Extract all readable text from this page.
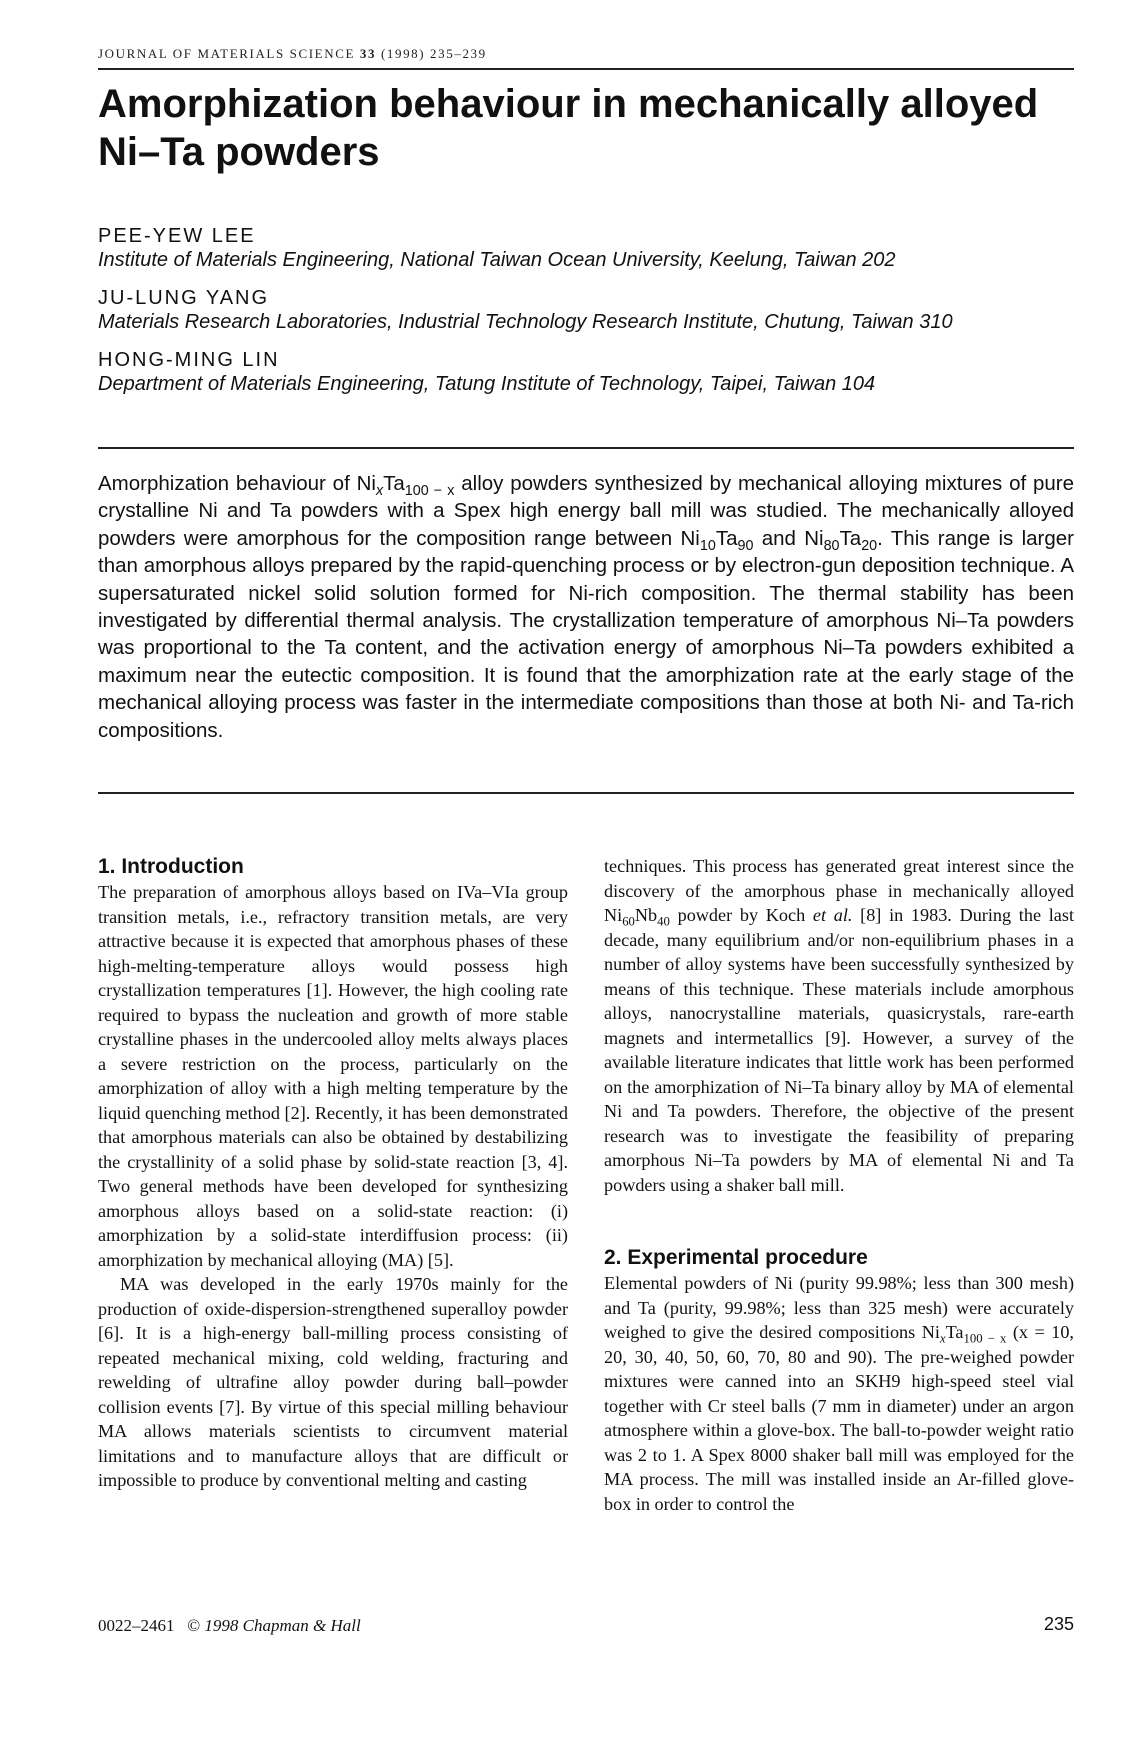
JOURNAL OF MATERIALS SCIENCE 33 (1998) 235–239
Amorphization behaviour in mechanically alloyed
Ni–Ta powders

PEE-YEW LEE

Institute of Materials Engineering, National Taiwan Ocean University, Keelung, Taiwan 202

JU-LUNG YANG

Materials Research Laboratories, Industrial Technology Research Institute, Chutung, Taiwan 310

HONG-MING LIN

Department of Materials Engineering, Tatung Institute of Technology, Taipei, Taiwan 104

Amorphization behaviour of $Ni_xTa_{100 - x}$ alloy powders synthesized by mechanical alloying mixtures of pure crystalline Ni and Ta powders with a Spex high energy ball mill was studied. The mechanically alloyed powders were amorphous for the composition range between $Ni_{10}Ta_{90}$ and $Ni_{80}Ta_{20}$. This range is larger than amorphous alloys prepared by the rapid-quenching process or by electron-gun deposition technique. A supersaturated nickel solid solution formed for Ni-rich composition. The thermal stability has been investigated by differential thermal analysis. The crystallization temperature of amorphous Ni–Ta powders was proportional to the Ta content, and the activation energy of amorphous Ni–Ta powders exhibited a maximum near the eutectic composition. It is found that the amorphization rate at the early stage of the mechanical alloying process was faster in the intermediate compositions than those at both Ni- and Ta-rich compositions.

1. Introduction

The preparation of amorphous alloys based on IVa–VIa group transition metals, i.e., refractory transition metals, are very attractive because it is expected that amorphous phases of these high-melting-temperature alloys would possess high crystallization temperatures [1]. However, the high cooling rate required to bypass the nucleation and growth of more stable crystalline phases in the undercooled alloy melts always places a severe restriction on the process, particularly on the amorphization of alloy with a high melting temperature by the liquid quenching method [2]. Recently, it has been demonstrated that amorphous materials can also be obtained by destabilizing the crystallinity of a solid phase by solid-state reaction [3, 4]. Two general methods have been developed for synthesizing amorphous alloys based on a solid-state reaction: (i) amorphization by a solid-state interdiffusion process: (ii) amorphization by mechanical alloying (MA) [5].

MA was developed in the early 1970s mainly for the production of oxide-dispersion-strengthened superalloy powder [6]. It is a high-energy ball-milling process consisting of repeated mechanical mixing, cold welding, fracturing and rewelding of ultrafine alloy powder during ball–powder collision events [7]. By virtue of this special milling behaviour MA allows materials scientists to circumvent material limitations and to manufacture alloys that are difficult or impossible to produce by conventional melting and casting

techniques. This process has generated great interest since the discovery of the amorphous phase in mechanically alloyed $Ni_{60}Nb_{40}$ powder by Koch et al. [8] in 1983. During the last decade, many equilibrium and/or non-equilibrium phases in a number of alloy systems have been successfully synthesized by means of this technique. These materials include amorphous alloys, nanocrystalline materials, quasicrystals, rare-earth magnets and intermetallics [9]. However, a survey of the available literature indicates that little work has been performed on the amorphization of Ni–Ta binary alloy by MA of elemental Ni and Ta powders. Therefore, the objective of the present research was to investigate the feasibility of preparing amorphous Ni–Ta powders by MA of elemental Ni and Ta powders using a shaker ball mill.

2. Experimental procedure

Elemental powders of Ni (purity 99.98%; less than 300 mesh) and Ta (purity, 99.98%; less than 325 mesh) were accurately weighed to give the desired compositions $Ni_xTa_{100 - x}$ (x = 10, 20, 30, 40, 50, 60, 70, 80 and 90). The pre-weighed powder mixtures were canned into an SKH9 high-speed steel vial together with Cr steel balls (7 mm in diameter) under an argon atmosphere within a glove-box. The ball-to-powder weight ratio was 2 to 1. A Spex 8000 shaker ball mill was employed for the MA process. The mill was installed inside an Ar-filled glove-box in order to control the

0022–2461 © 1998 Chapman & Hall	235
